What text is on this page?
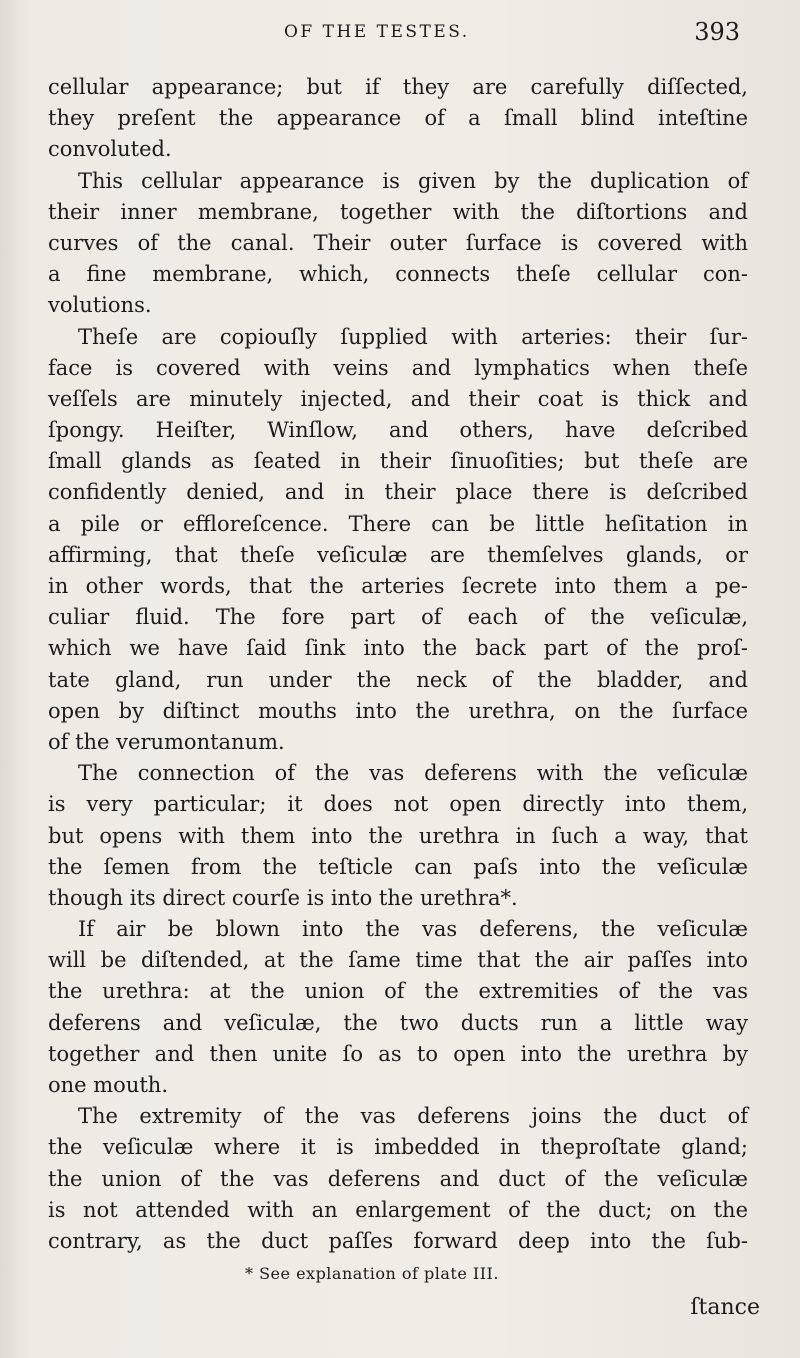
OF THE TESTES.	393
cellular appearance; but if they are carefully diſſected,
they preſent the appearance of a ſmall blind inteſtine
convoluted.
This cellular appearance is given by the duplication of
their inner membrane, together with the diſtortions and
curves of the canal. Their outer ſurface is covered with
a fine membrane, which, connects theſe cellular con-
volutions.
Theſe are copiouſly ſupplied with arteries: their ſur-
face is covered with veins and lymphatics when theſe
veſſels are minutely injected, and their coat is thick and
ſpongy. Heiſter, Winſlow, and others, have deſcribed
ſmall glands as ſeated in their ſinuoſities; but theſe are
confidently denied, and in their place there is deſcribed
a pile or effloreſcence. There can be little heſitation in
affirming, that theſe veſiculæ are themſelves glands, or
in other words, that the arteries ſecrete into them a pe-
culiar fluid. The fore part of each of the veſiculæ,
which we have ſaid ſink into the back part of the proſ-
tate gland, run under the neck of the bladder, and
open by diſtinct mouths into the urethra, on the ſurface
of the verumontanum.
The connection of the vas deferens with the veſiculæ
is very particular; it does not open directly into them,
but opens with them into the urethra in ſuch a way, that
the ſemen from the teſticle can paſs into the veſiculæ
though its direct courſe is into the urethra*.
If air be blown into the vas deferens, the veſiculæ
will be diſtended, at the ſame time that the air paſſes into
the urethra: at the union of the extremities of the vas
deferens and veſiculæ, the two ducts run a little way
together and then unite ſo as to open into the urethra by
one mouth.
The extremity of the vas deferens joins the duct of
the veſiculæ where it is imbedded in theproſtate gland;
the union of the vas deferens and duct of the veſiculæ
is not attended with an enlargement of the duct; on the
contrary, as the duct paſſes forward deep into the ſub-
* See explanation of plate III.
ſtance
